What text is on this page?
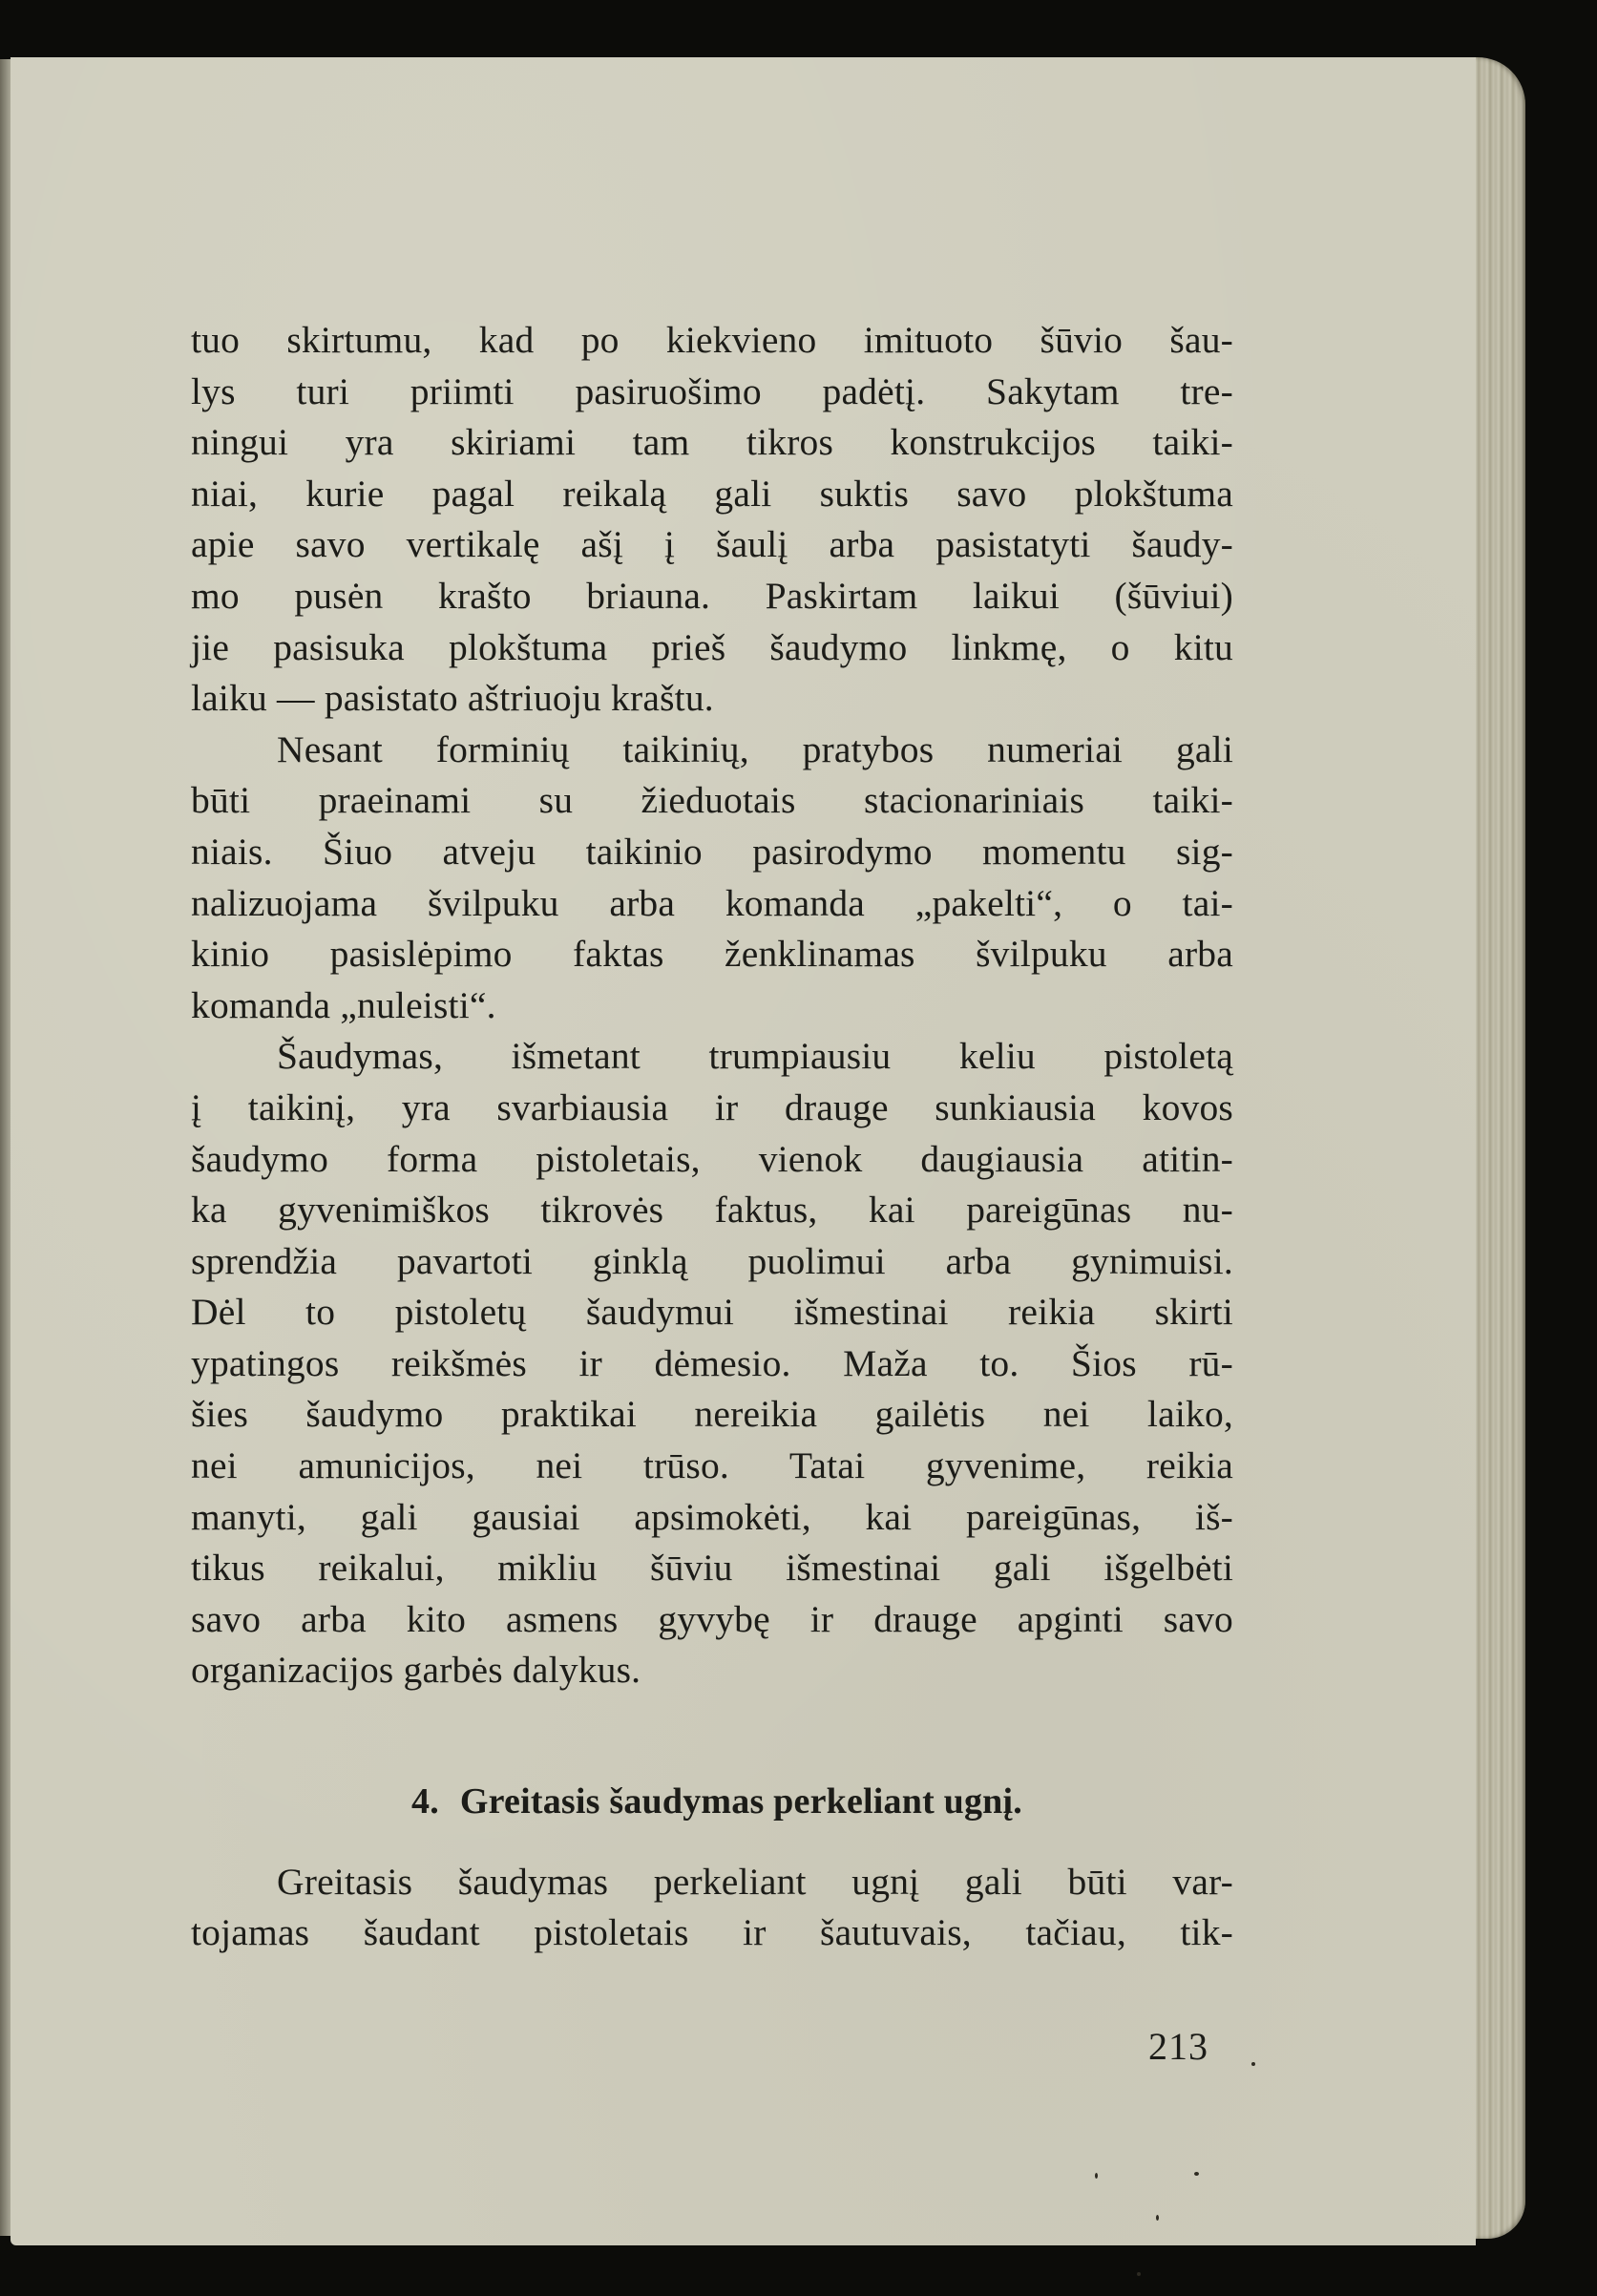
tuo skirtumu, kad po kiekvieno imituoto šūvio šau-
lys turi priimti pasiruošimo padėtį. Sakytam tre-
ningui yra skiriami tam tikros konstrukcijos taiki-
niai, kurie pagal reikalą gali suktis savo plokštuma
apie savo vertikalę ašį į šaulį arba pasistatyti šaudy-
mo pusėn krašto briauna. Paskirtam laikui (šūviui)
jie pasisuka plokštuma prieš šaudymo linkmę, o kitu
laiku — pasistato aštriuoju kraštu.

Nesant forminių taikinių, pratybos numeriai gali
būti praeinami su žieduotais stacionariniais taiki-
niais. Šiuo atveju taikinio pasirodymo momentu sig-
nalizuojama švilpuku arba komanda „pakelti“, o tai-
kinio pasislėpimo faktas ženklinamas švilpuku arba
komanda „nuleisti“.

Šaudymas, išmetant trumpiausiu keliu pistoletą
į taikinį, yra svarbiausia ir drauge sunkiausia kovos
šaudymo forma pistoletais, vienok daugiausia atitin-
ka gyvenimiškos tikrovės faktus, kai pareigūnas nu-
sprendžia pavartoti ginklą puolimui arba gynimuisi.
Dėl to pistoletų šaudymui išmestinai reikia skirti
ypatingos reikšmės ir dėmesio. Maža to. Šios rū-
šies šaudymo praktikai nereikia gailėtis nei laiko,
nei amunicijos, nei trūso. Tatai gyvenime, reikia
manyti, gali gausiai apsimokėti, kai pareigūnas, iš-
tikus reikalui, mikliu šūviu išmestinai gali išgelbėti
savo arba kito asmens gyvybę ir drauge apginti savo
organizacijos garbės dalykus.

4. Greitasis šaudymas perkeliant ugnį.

Greitasis šaudymas perkeliant ugnį gali būti var-
tojamas šaudant pistoletais ir šautuvais, tačiau, tik-

213
